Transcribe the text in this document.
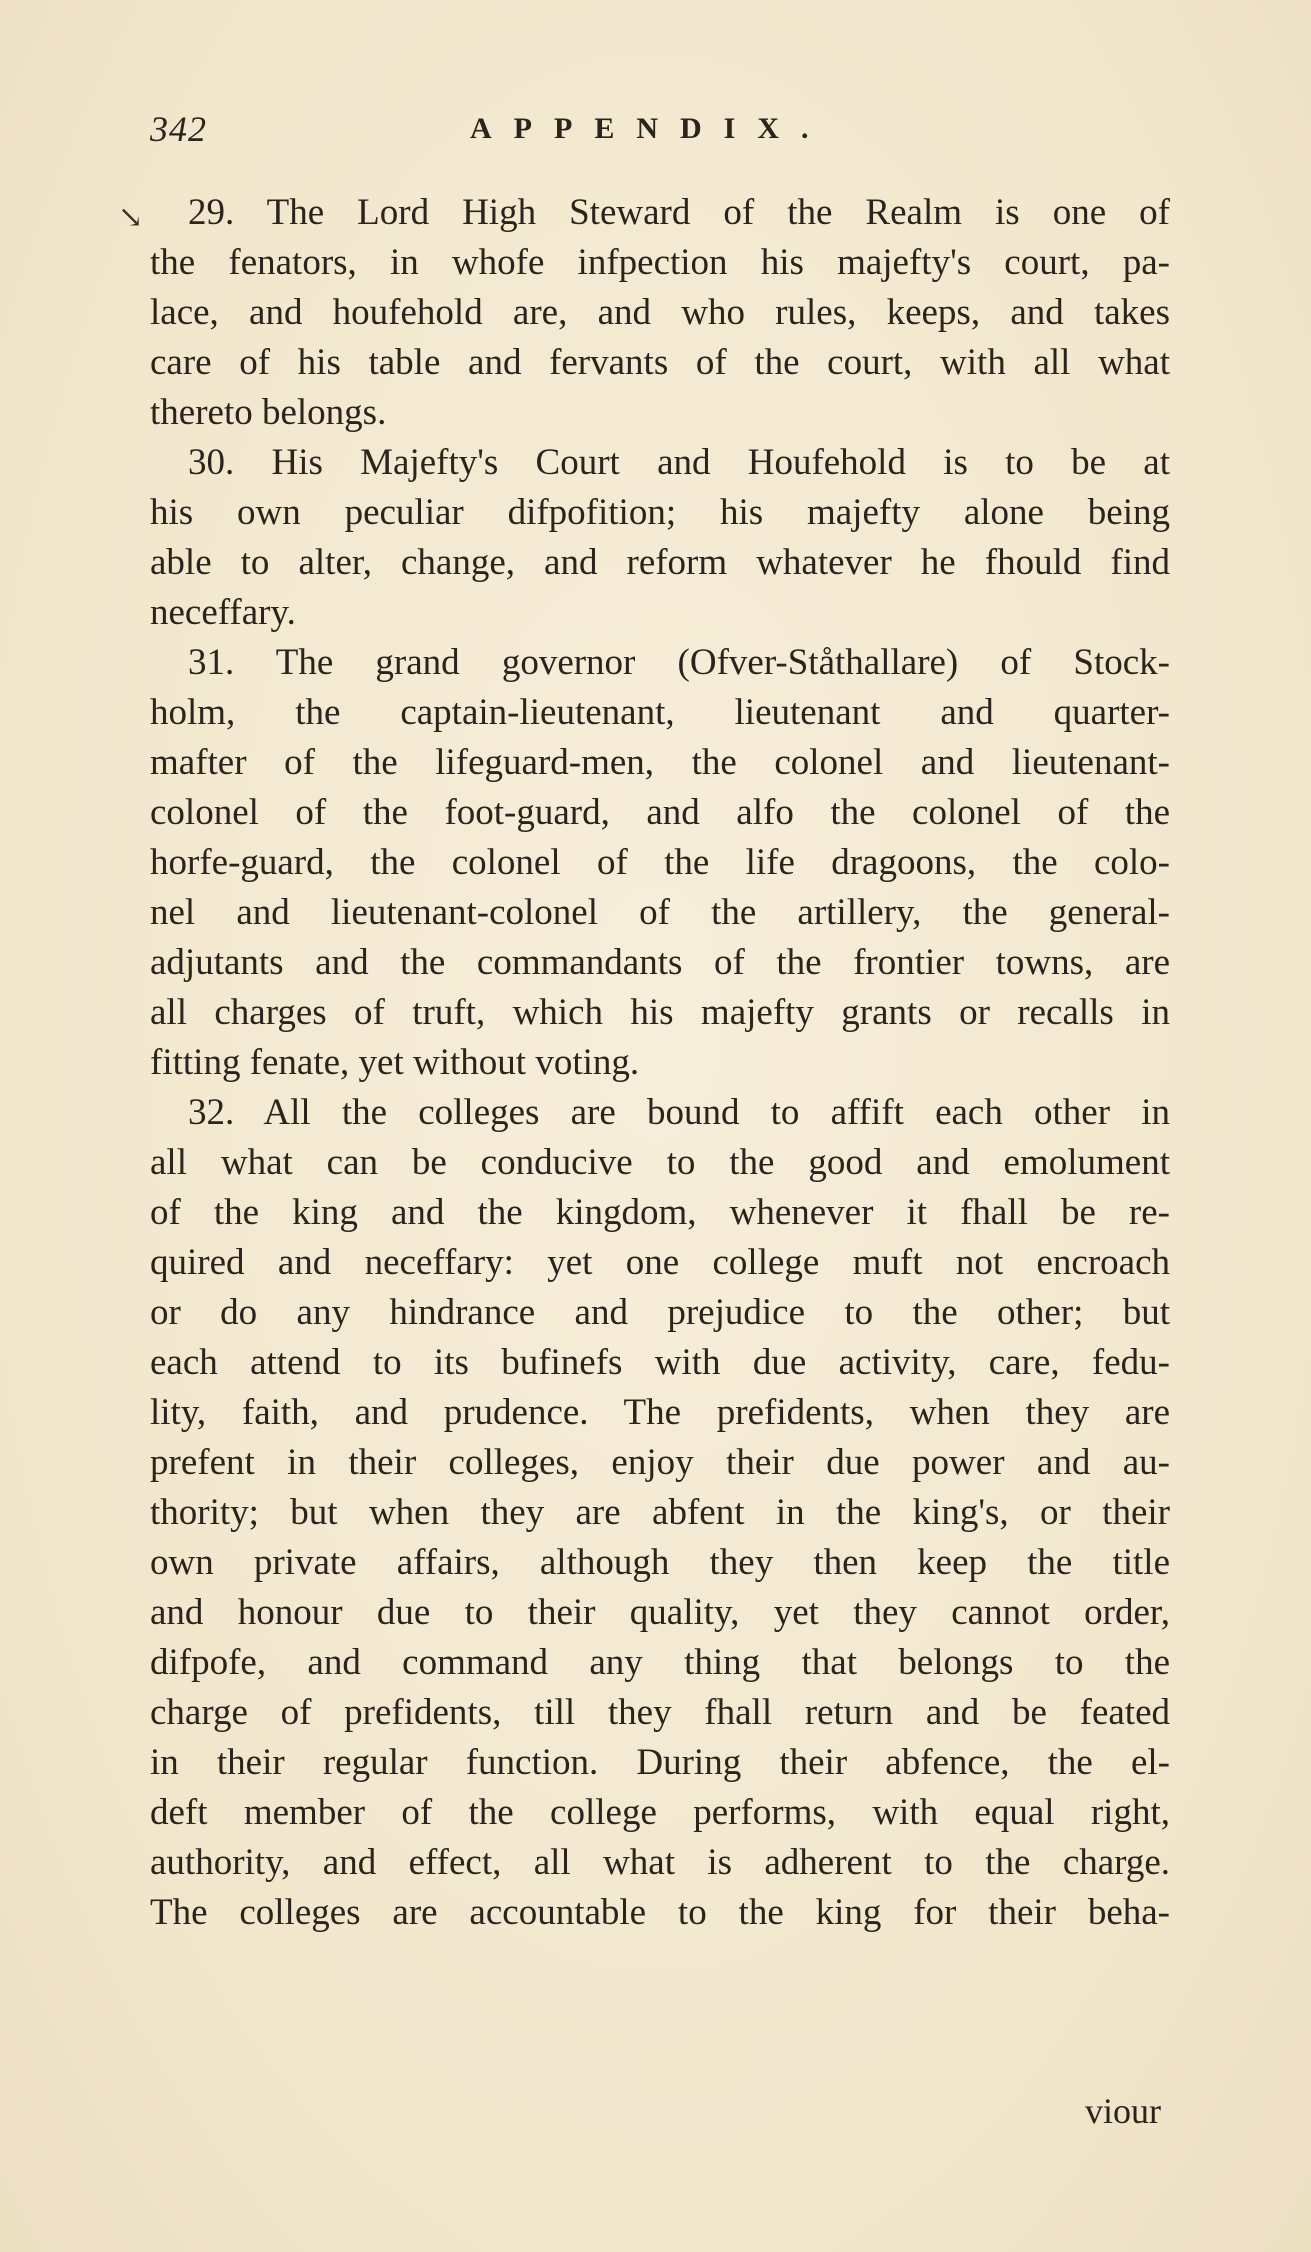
342	APPENDIX.
↘	29. The Lord High Steward of the Realm is one of
the fenators, in whofe infpection his majefty's court, pa-
lace, and houfehold are, and who rules, keeps, and takes
care of his table and fervants of the court, with all what
thereto belongs.
30. His Majefty's Court and Houfehold is to be at
his own peculiar difpofition; his majefty alone being
able to alter, change, and reform whatever he fhould find
neceffary.
31. The grand governor (Ofver-Ståthallare) of Stock-
holm, the captain-lieutenant, lieutenant and quarter-
mafter of the lifeguard-men, the colonel and lieutenant-
colonel of the foot-guard, and alfo the colonel of the
horfe-guard, the colonel of the life dragoons, the colo-
nel and lieutenant-colonel of the artillery, the general-
adjutants and the commandants of the frontier towns, are
all charges of truft, which his majefty grants or recalls in
fitting fenate, yet without voting.
32. All the colleges are bound to affift each other in
all what can be conducive to the good and emolument
of the king and the kingdom, whenever it fhall be re-
quired and neceffary: yet one college muft not encroach
or do any hindrance and prejudice to the other; but
each attend to its bufinefs with due activity, care, fedu-
lity, faith, and prudence. The prefidents, when they are
prefent in their colleges, enjoy their due power and au-
thority; but when they are abfent in the king's, or their
own private affairs, although they then keep the title
and honour due to their quality, yet they cannot order,
difpofe, and command any thing that belongs to the
charge of prefidents, till they fhall return and be feated
in their regular function. During their abfence, the el-
deft member of the college performs, with equal right,
authority, and effect, all what is adherent to the charge.
The colleges are accountable to the king for their beha-
viour
